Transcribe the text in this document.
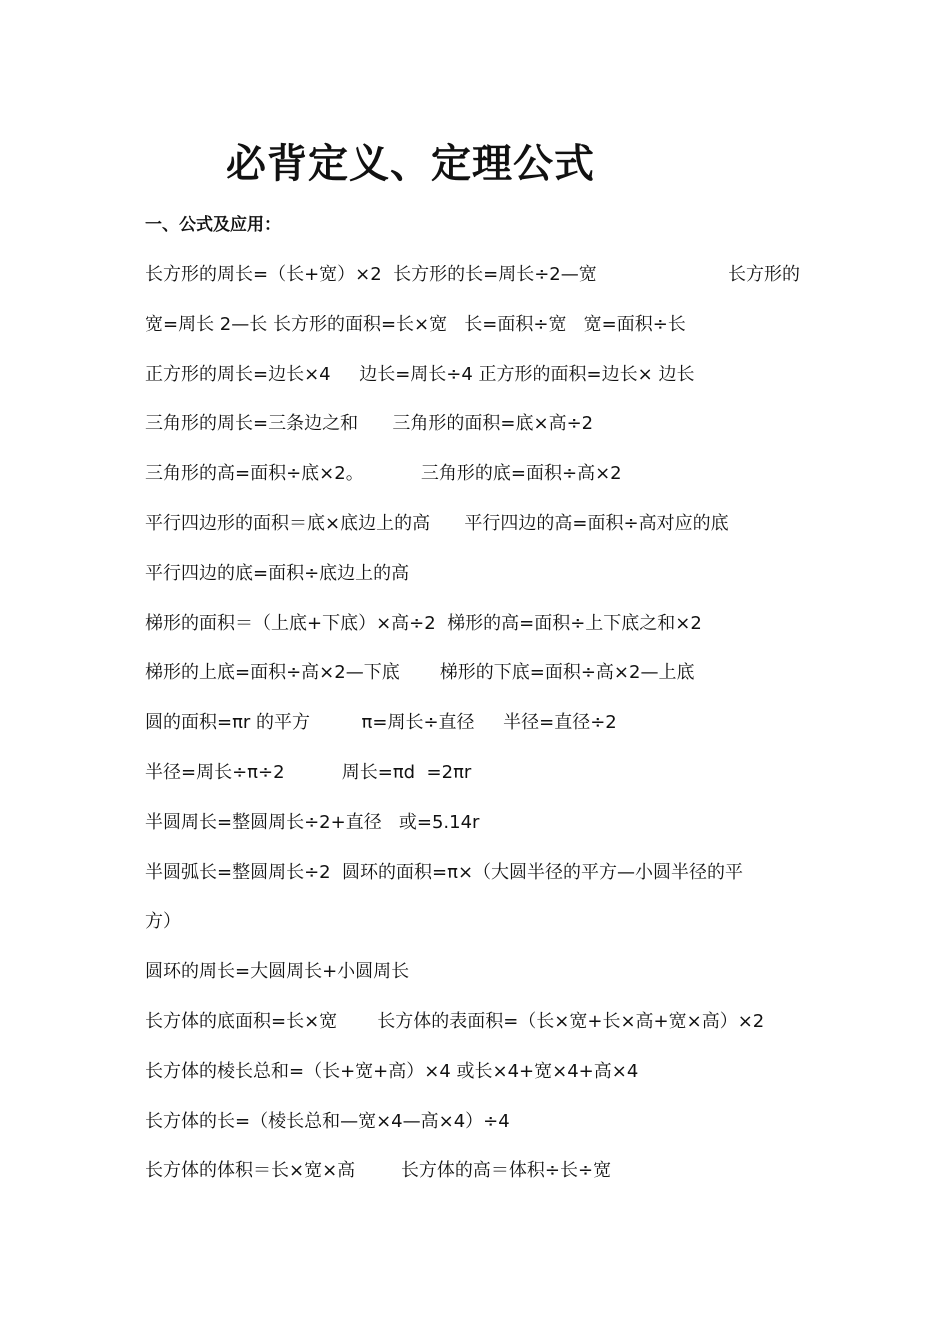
必背定义、定理公式
一、公式及应用：
长方形的周长=（长+宽）×2  长方形的长=周长÷2—宽	长方形的
宽=周长 2—长 长方形的面积=长×宽   长=面积÷宽   宽=面积÷长
正方形的周长=边长×4     边长=周长÷4 正方形的面积=边长× 边长
三角形的周长=三条边之和      三角形的面积=底×高÷2
三角形的高=面积÷底×2。          三角形的底=面积÷高×2
平行四边形的面积＝底×底边上的高      平行四边的高=面积÷高对应的底
平行四边的底=面积÷底边上的高
梯形的面积＝（上底+下底）×高÷2  梯形的高=面积÷上下底之和×2
梯形的上底=面积÷高×2—下底       梯形的下底=面积÷高×2—上底
圆的面积=πr 的平方         π=周长÷直径     半径=直径÷2
半径=周长÷π÷2          周长=πd  =2πr
半圆周长=整圆周长÷2+直径   或=5.14r
半圆弧长=整圆周长÷2  圆环的面积=π×（大圆半径的平方—小圆半径的平
方）
圆环的周长=大圆周长+小圆周长
长方体的底面积=长×宽       长方体的表面积=（长×宽+长×高+宽×高）×2
长方体的棱长总和=（长+宽+高）×4 或长×4+宽×4+高×4
长方体的长=（棱长总和—宽×4—高×4）÷4
长方体的体积＝长×宽×高        长方体的高＝体积÷长÷宽
